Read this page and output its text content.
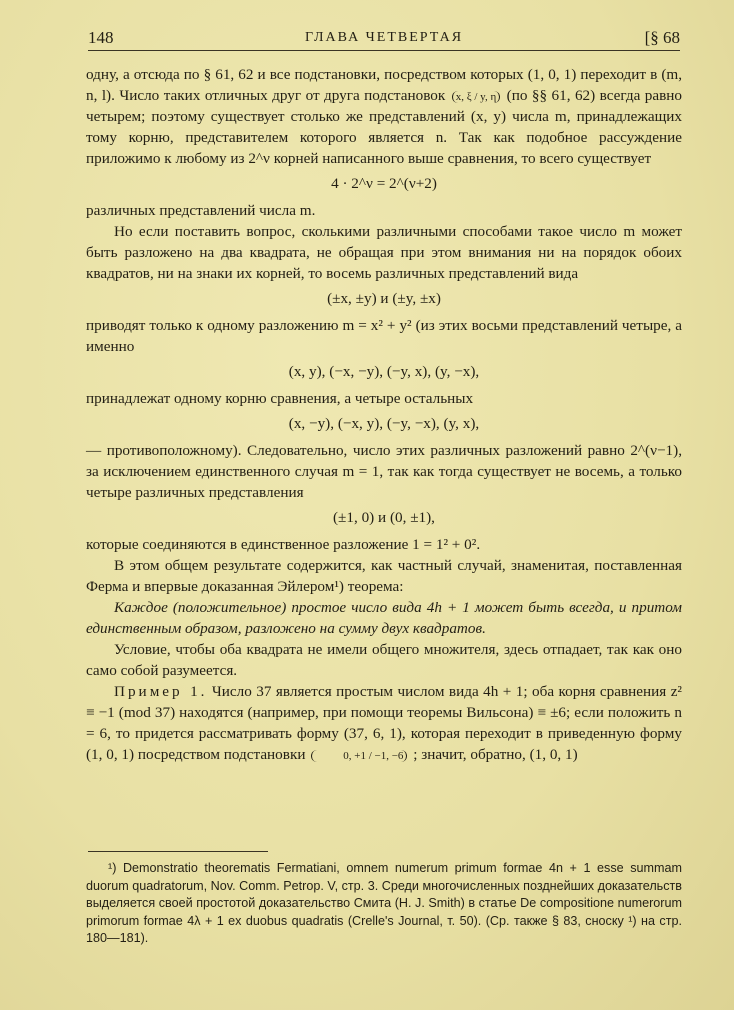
148	ГЛАВА ЧЕТВЕРТАЯ	[§ 68

одну, а отсюда по § 61, 62 и все подстановки, посредством которых (1, 0, 1) переходит в (m, n, l). Число таких отличных друг от друга подстановок x, ξ / y, η (по §§ 61, 62) всегда равно четырем; поэтому существует столько же представлений (x, y) числа m, принадлежащих тому корню, представителем которого является n. Так как подобное рассуждение приложимо к любому из 2^ν корней написанного выше сравнения, то всего существует

4 · 2^ν = 2^(ν+2)

различных представлений числа m.

Но если поставить вопрос, сколькими различными способами такое число m может быть разложено на два квадрата, не обращая при этом внимания ни на порядок обоих квадратов, ни на знаки их корней, то восемь различных представлений вида

(±x, ±y) и (±y, ±x)

приводят только к одному разложению m = x² + y² (из этих восьми представлений четыре, а именно

(x, y), (−x, −y), (−y, x), (y, −x),

принадлежат одному корню сравнения, а четыре остальных

(x, −y), (−x, y), (−y, −x), (y, x),

— противоположному). Следовательно, число этих различных разложений равно 2^(ν−1), за исключением единственного случая m = 1, так как тогда существует не восемь, а только четыре различных представления

(±1, 0) и (0, ±1),

которые соединяются в единственное разложение 1 = 1² + 0².

В этом общем результате содержится, как частный случай, знаменитая, поставленная Ферма и впервые доказанная Эйлером¹) теорема:

Каждое (положительное) простое число вида 4h + 1 может быть всегда, и притом единственным образом, разложено на сумму двух квадратов.

Условие, чтобы оба квадрата не имели общего множителя, здесь отпадает, так как оно само собой разумеется.

Пример 1. Число 37 является простым числом вида 4h + 1; оба корня сравнения z² ≡ −1 (mod 37) находятся (например, при помощи теоремы Вильсона) ≡ ±6; если положить n = 6, то придется рассматривать форму (37, 6, 1), которая переходит в приведенную форму (1, 0, 1) посредством подстановки	0, +1 / −1, −6 ; значит, обратно, (1, 0, 1)

¹) Demonstratio theorematis Fermatiani, omnem numerum primum formae 4n + 1 esse summam duorum quadratorum, Nov. Comm. Petrop. V, стр. 3. Среди многочисленных позднейших доказательств выделяется своей простотой доказательство Смита (H. J. Smith) в статье De compositione numerorum primorum formae 4λ + 1 ex duobus quadratis (Crelle's Journal, т. 50). (Ср. также § 83, сноску ¹) на стр. 180—181).
